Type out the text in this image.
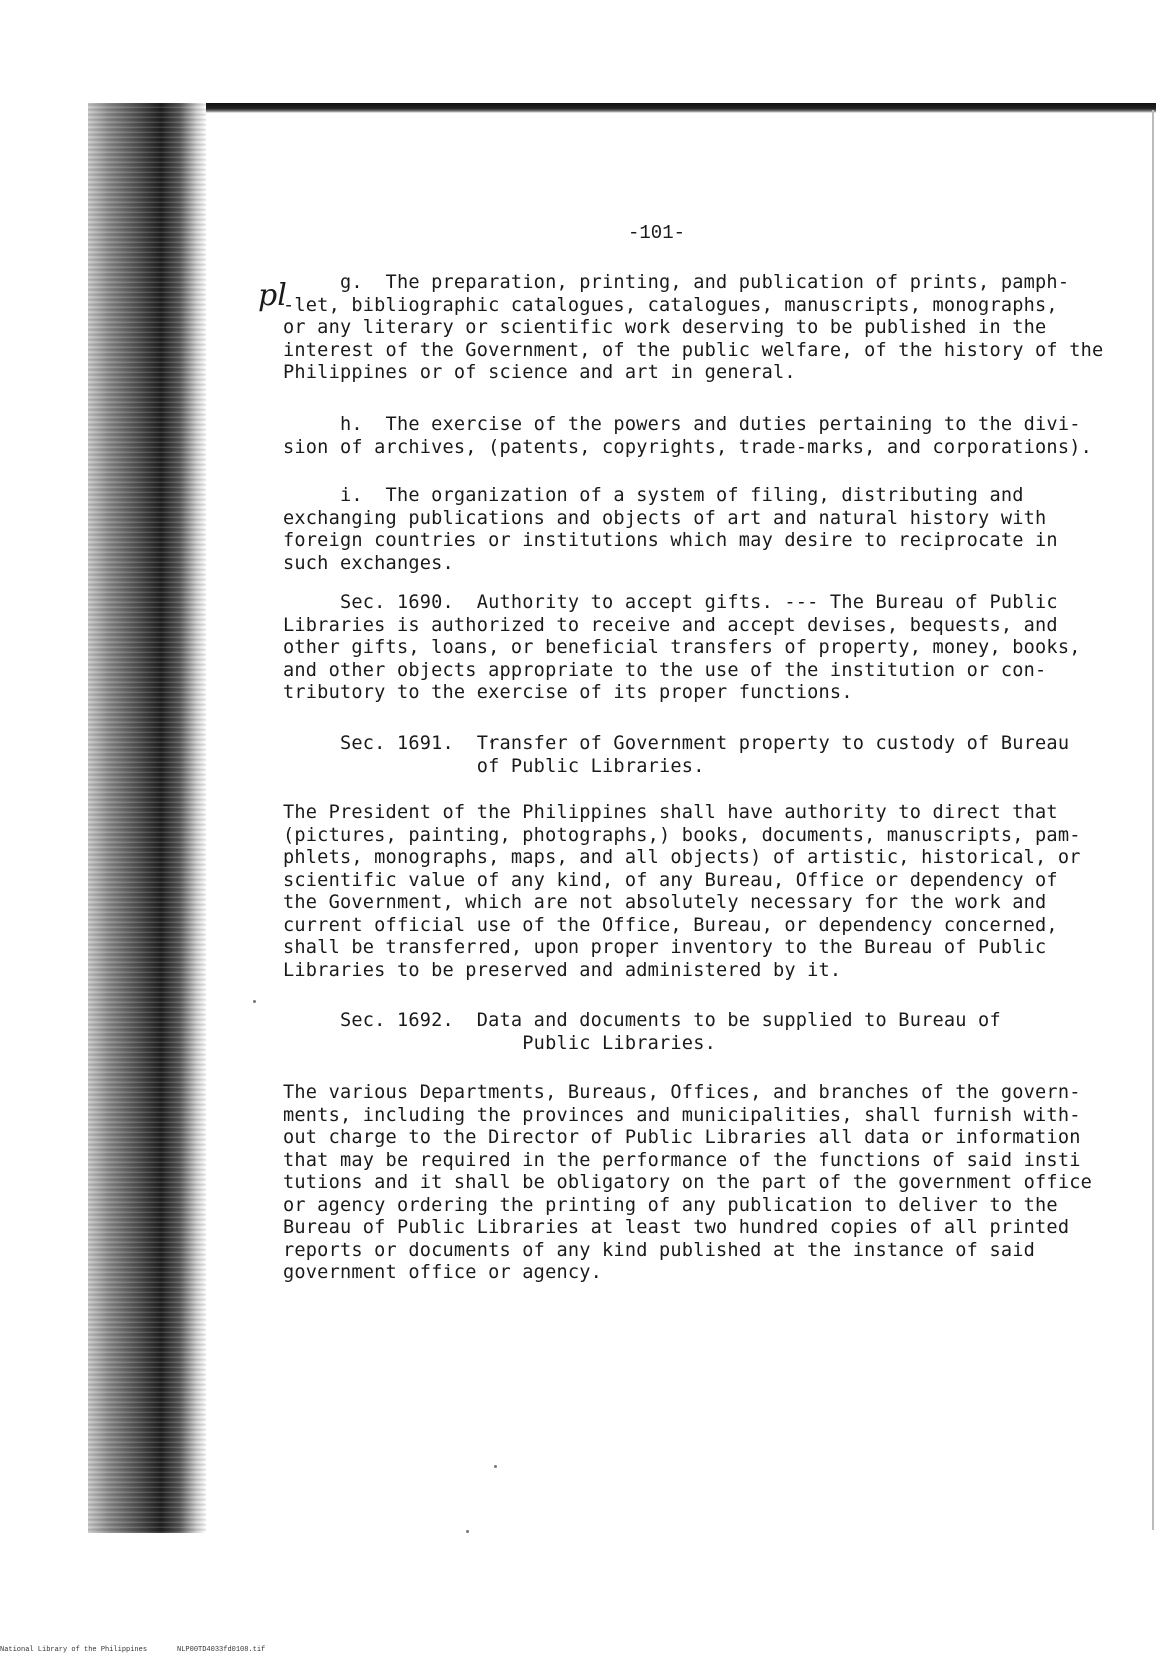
-101-
pl	g.  The preparation, printing, and publication of prints, pamph-
-let, bibliographic catalogues, catalogues, manuscripts, monographs,
or any literary or scientific work deserving to be published in the
interest of the Government, of the public welfare, of the history of the
Philippines or of science and art in general.
h.  The exercise of the powers and duties pertaining to the divi-
sion of archives, (patents, copyrights, trade-marks, and corporations).
i.  The organization of a system of filing, distributing and
exchanging publications and objects of art and natural history with
foreign countries or institutions which may desire to reciprocate in
such exchanges.
Sec. 1690.  Authority to accept gifts. --- The Bureau of Public
Libraries is authorized to receive and accept devises, bequests, and
other gifts, loans, or beneficial transfers of property, money, books,
and other objects appropriate to the use of the institution or con-
tributory to the exercise of its proper functions.
Sec. 1691.  Transfer of Government property to custody of Bureau
of Public Libraries.
The President of the Philippines shall have authority to direct that
(pictures, painting, photographs,) books, documents, manuscripts, pam-
phlets, monographs, maps, and all objects) of artistic, historical, or
scientific value of any kind, of any Bureau, Office or dependency of
the Government, which are not absolutely necessary for the work and
current official use of the Office, Bureau, or dependency concerned,
shall be transferred, upon proper inventory to the Bureau of Public
Libraries to be preserved and administered by it.
Sec. 1692.  Data and documents to be supplied to Bureau of
Public Libraries.
The various Departments, Bureaus, Offices, and branches of the govern-
ments, including the provinces and municipalities, shall furnish with-
out charge to the Director of Public Libraries all data or information
that may be required in the performance of the functions of said insti
tutions and it shall be obligatory on the part of the government office
or agency ordering the printing of any publication to deliver to the
Bureau of Public Libraries at least two hundred copies of all printed
reports or documents of any kind published at the instance of said
government office or agency.
National Library of the Philippines	NLP00TD4033fd0108.tif
